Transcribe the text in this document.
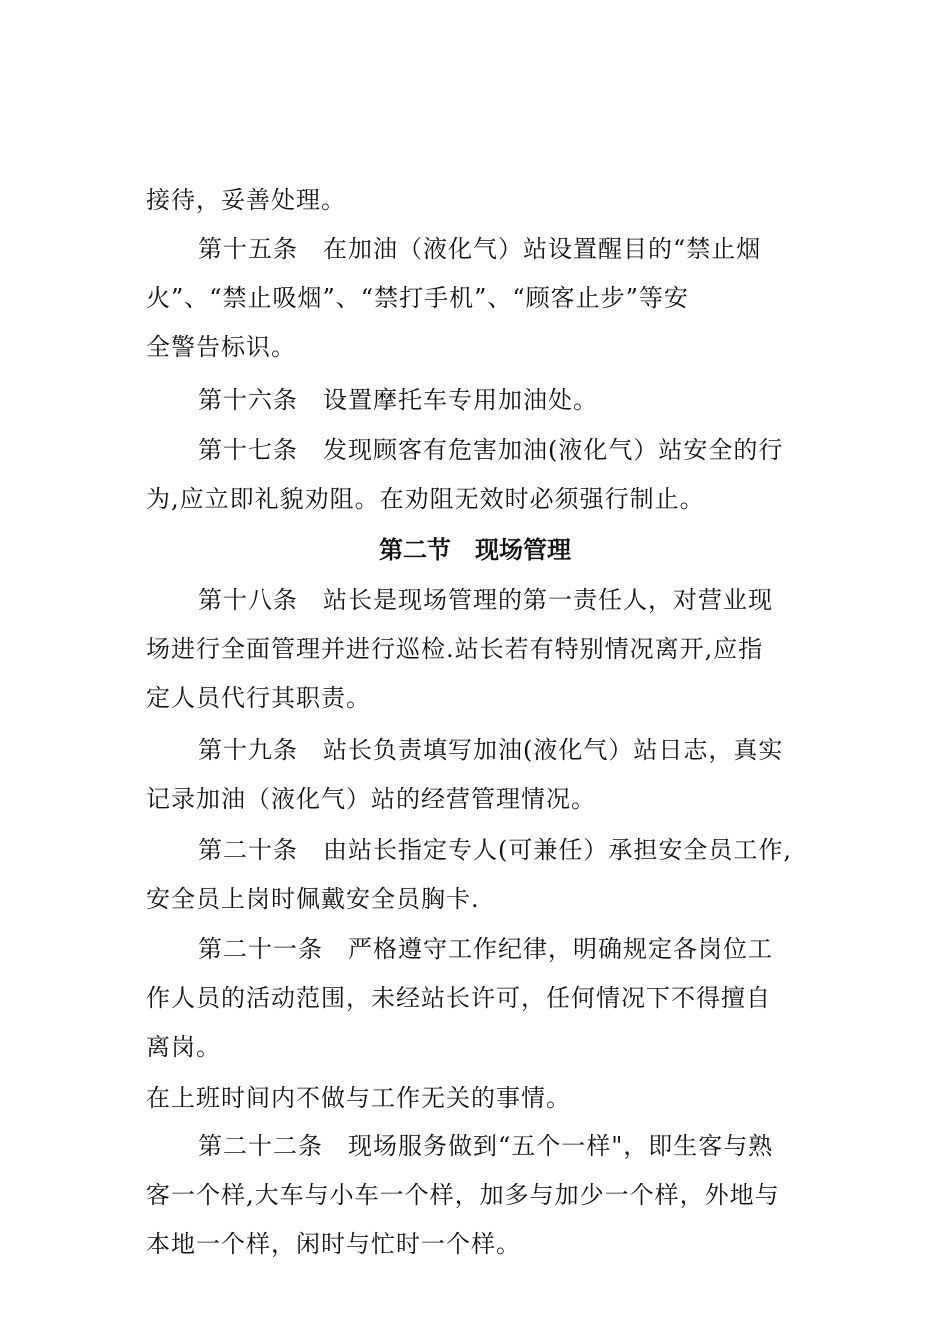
接待，妥善处理。
第十五条　在加油（液化气）站设置醒目的“禁止烟
火”、“禁止吸烟”、“禁打手机”、“顾客止步”等安
全警告标识。
第十六条　设置摩托车专用加油处。
第十七条　发现顾客有危害加油(液化气）站安全的行
为,应立即礼貌劝阻。在劝阻无效时必须强行制止。
第二节　现场管理
第十八条　站长是现场管理的第一责任人，对营业现
场进行全面管理并进行巡检.站长若有特别情况离开,应指
定人员代行其职责。
第十九条　站长负责填写加油(液化气）站日志，真实
记录加油（液化气）站的经营管理情况。
第二十条　由站长指定专人(可兼任）承担安全员工作,
安全员上岗时佩戴安全员胸卡.
第二十一条　严格遵守工作纪律，明确规定各岗位工
作人员的活动范围，未经站长许可，任何情况下不得擅自
离岗。
在上班时间内不做与工作无关的事情。
第二十二条　现场服务做到“五个一样"，即生客与熟
客一个样,大车与小车一个样，加多与加少一个样，外地与
本地一个样，闲时与忙时一个样。
